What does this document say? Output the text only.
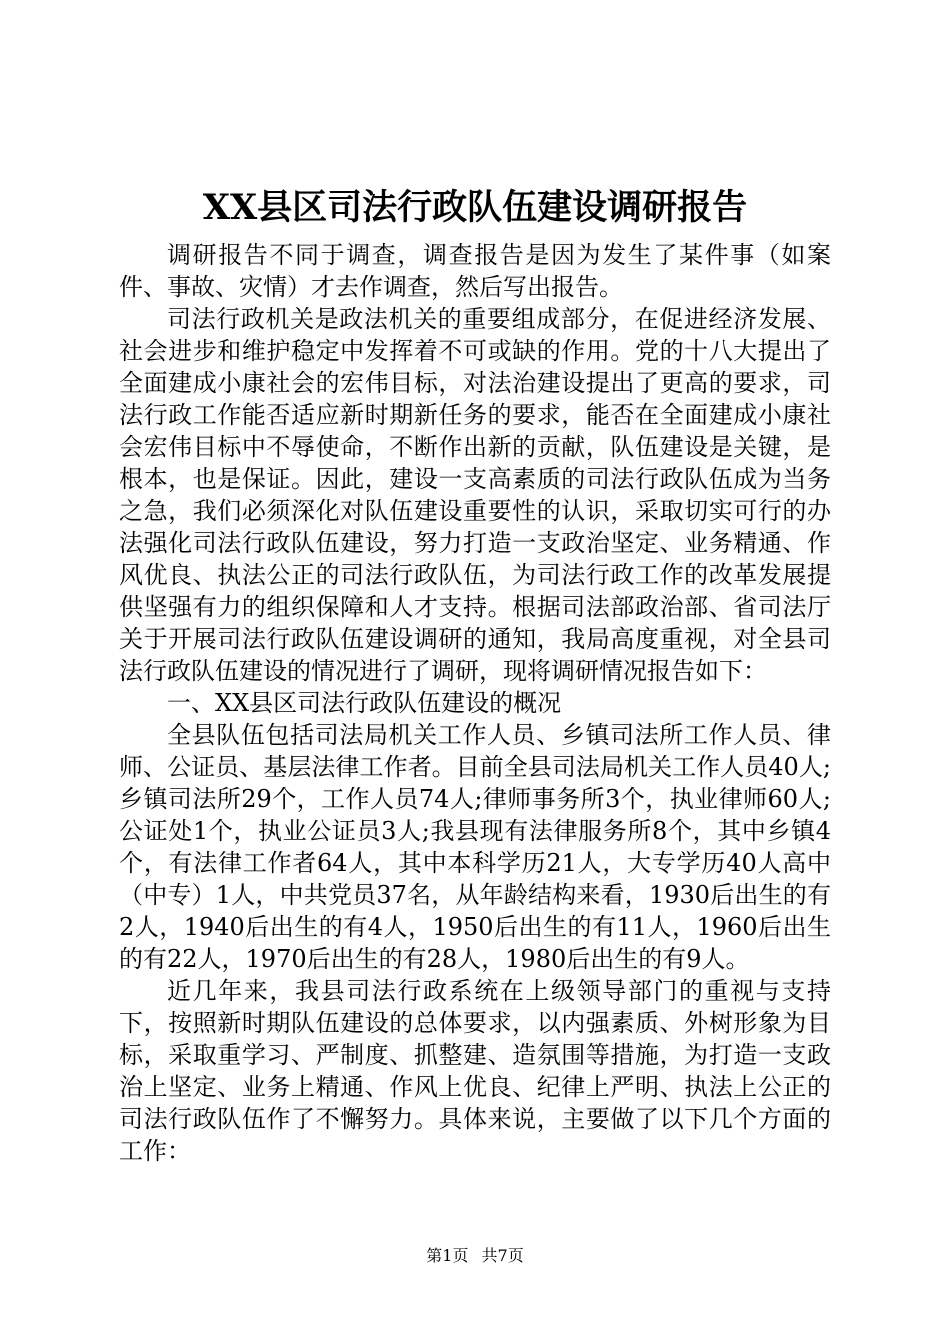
XX县区司法行政队伍建设调研报告

调研报告不同于调查，调查报告是因为发生了某件事（如案件、事故、灾情）才去作调查，然后写出报告。

司法行政机关是政法机关的重要组成部分，在促进经济发展、社会进步和维护稳定中发挥着不可或缺的作用。党的十八大提出了全面建成小康社会的宏伟目标，对法治建设提出了更高的要求，司法行政工作能否适应新时期新任务的要求，能否在全面建成小康社会宏伟目标中不辱使命，不断作出新的贡献，队伍建设是关键，是根本，也是保证。因此，建设一支高素质的司法行政队伍成为当务之急，我们必须深化对队伍建设重要性的认识，采取切实可行的办法强化司法行政队伍建设，努力打造一支政治坚定、业务精通、作风优良、执法公正的司法行政队伍，为司法行政工作的改革发展提供坚强有力的组织保障和人才支持。根据司法部政治部、省司法厅关于开展司法行政队伍建设调研的通知，我局高度重视，对全县司法行政队伍建设的情况进行了调研，现将调研情况报告如下：

一、XX县区司法行政队伍建设的概况

全县队伍包括司法局机关工作人员、乡镇司法所工作人员、律师、公证员、基层法律工作者。目前全县司法局机关工作人员40人;乡镇司法所29个，工作人员74人;律师事务所3个，执业律师60人;公证处1个，执业公证员3人;我县现有法律服务所8个，其中乡镇4个，有法律工作者64人，其中本科学历21人，大专学历40人高中（中专）1人，中共党员37名，从年龄结构来看，1930后出生的有2人，1940后出生的有4人，1950后出生的有11人，1960后出生的有22人，1970后出生的有28人，1980后出生的有9人。

近几年来，我县司法行政系统在上级领导部门的重视与支持下，按照新时期队伍建设的总体要求，以内强素质、外树形象为目标，采取重学习、严制度、抓整建、造氛围等措施，为打造一支政治上坚定、业务上精通、作风上优良、纪律上严明、执法上公正的司法行政队伍作了不懈努力。具体来说，主要做了以下几个方面的工作：

第1页 共7页
